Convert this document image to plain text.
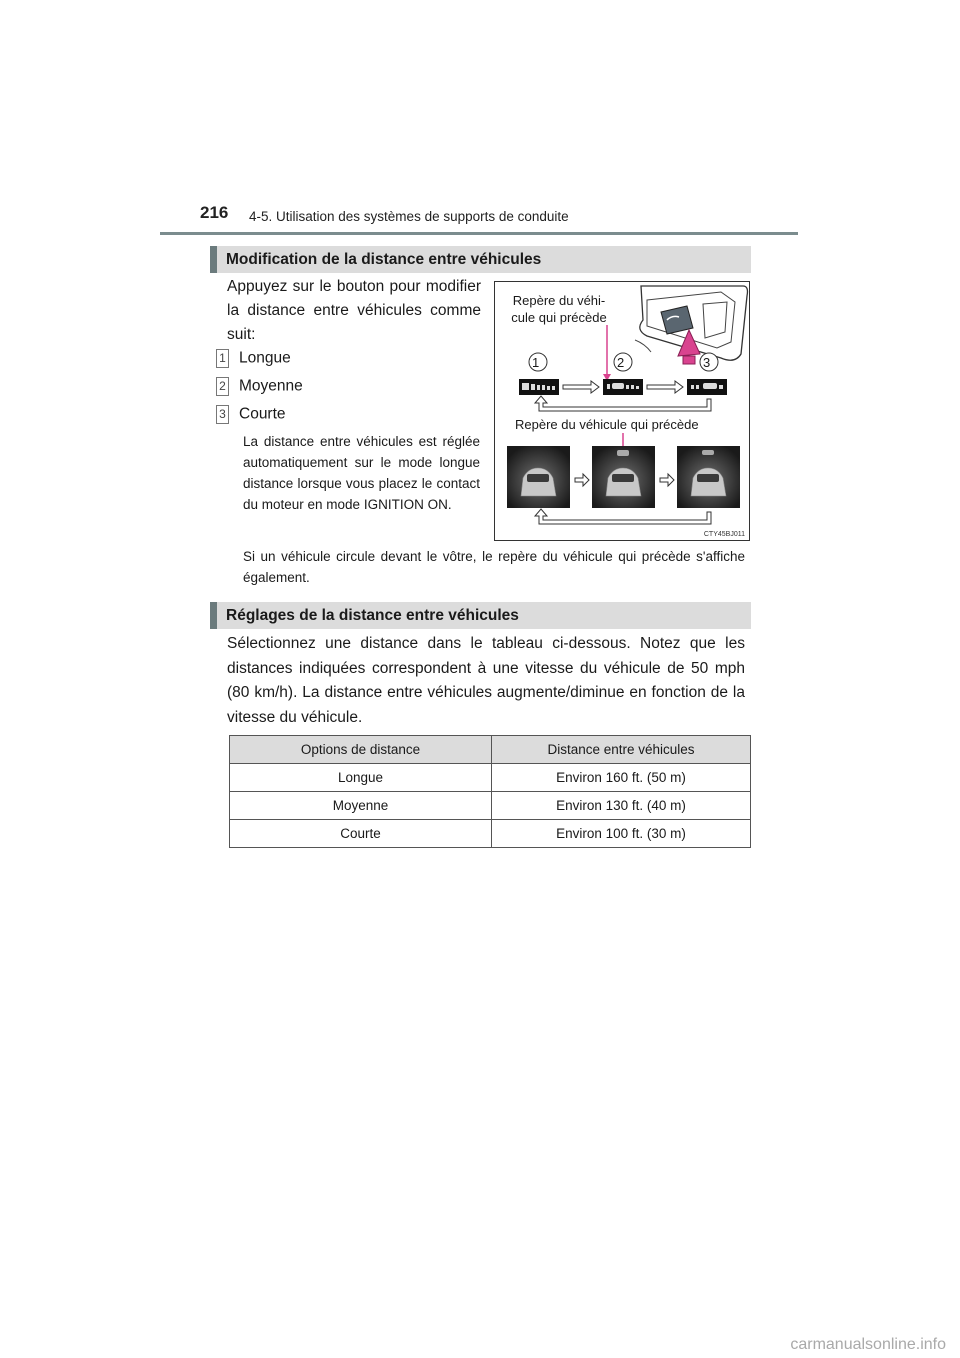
216 4-5. Utilisation des systèmes de supports de conduite
Modification de la distance entre véhicules
Appuyez sur le bouton pour modifier la distance entre véhicules comme suit:
1 Longue
2 Moyenne
3 Courte
La distance entre véhicules est réglée automatiquement sur le mode longue distance lorsque vous placez le contact du moteur en mode IGNITION ON.
Repère du véhi-
cule qui précède
1	2	3
Repère du véhicule qui précède
CTY45BJ011
Si un véhicule circule devant le vôtre, le repère du véhicule qui précède s'affiche également.
Réglages de la distance entre véhicules
Sélectionnez une distance dans le tableau ci-dessous. Notez que les distances indiquées correspondent à une vitesse du véhicule de 50 mph (80 km/h). La distance entre véhicules augmente/diminue en fonction de la vitesse du véhicule.
Options de distance	Distance entre véhicules
Longue	Environ 160 ft. (50 m)
Moyenne	Environ 130 ft. (40 m)
Courte	Environ 100 ft. (30 m)
carmanualsonline.info
